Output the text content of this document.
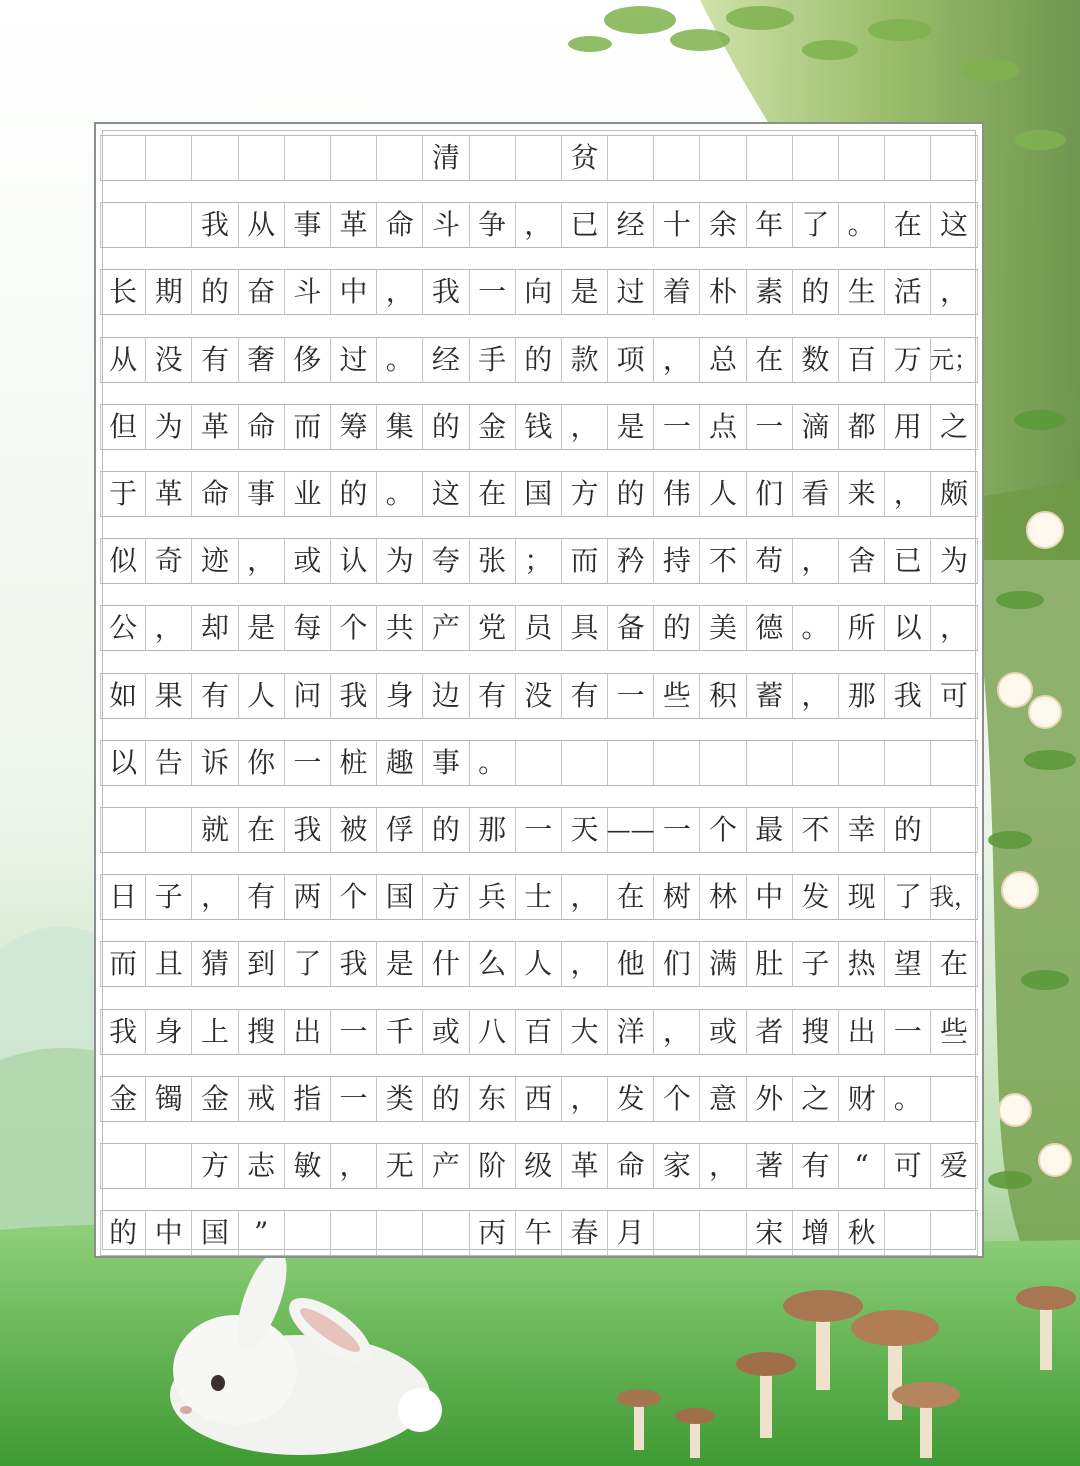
清	贫
我 从 事 革 命 斗 争 ， 已 经 十 余 年 了 。 在 这
长 期 的 奋 斗 中 ， 我 一 向 是 过 着 朴 素 的 生 活 ，
从 没 有 奢 侈 过 。 经 手 的 款 项 ， 总 在 数 百 万 元；
但 为 革 命 而 筹 集 的 金 钱 ， 是 一 点 一 滴 都 用 之
于 革 命 事 业 的 。 这 在 国 方 的 伟 人 们 看 来 ， 颇
似 奇 迹 ， 或 认 为 夸 张 ； 而 矜 持 不 苟 ， 舍 已 为
公 ， 却 是 每 个 共 产 党 员 具 备 的 美 德 。 所 以 ，
如 果 有 人 问 我 身 边 有 没 有 一 些 积 蓄 ， 那 我 可
以 告 诉 你 一 桩 趣 事 。
就 在 我 被 俘 的 那 一 天 —— 一 个 最 不 幸 的
日 子 ， 有 两 个 国 方 兵 士 ， 在 树 林 中 发 现 了 我，
而 且 猜 到 了 我 是 什 么 人 ， 他 们 满 肚 子 热 望 在
我 身 上 搜 出 一 千 或 八 百 大 洋 ， 或 者 搜 出 一 些
金 镯 金 戒 指 一 类 的 东 西 ， 发 个 意 外 之 财 。
方 志 敏 ， 无 产 阶 级 革 命 家 ， 著 有 “ 可 爱
的 中 国 ”	丙 午 春 月	宋 增 秋
